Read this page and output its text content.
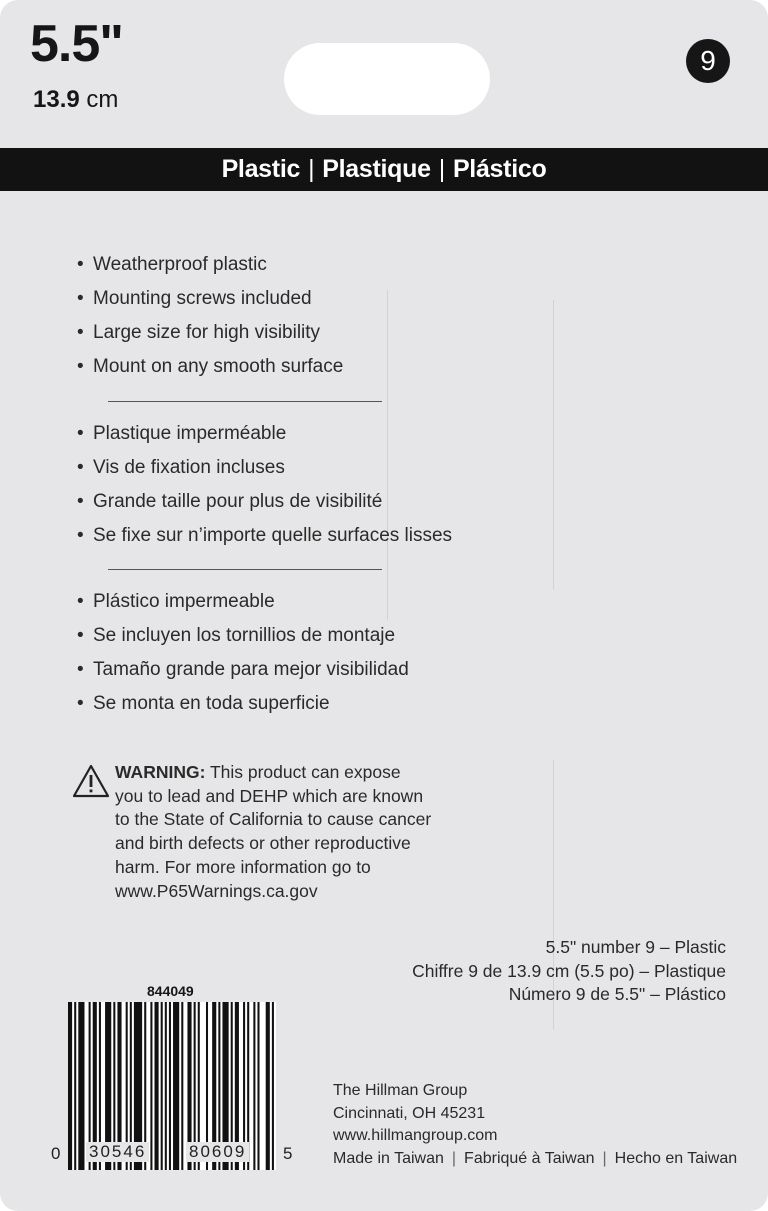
5.5"
13.9 cm
9
Plastic | Plastique | Plástico
• Weatherproof plastic
• Mounting screws included
• Large size for high visibility
• Mount on any smooth surface
• Plastique imperméable
• Vis de fixation incluses
• Grande taille pour plus de visibilité
• Se fixe sur n’importe quelle surfaces lisses
• Plástico impermeable
• Se incluyen los tornillios de montaje
• Tamaño grande para mejor visibilidad
• Se monta en toda superficie
WARNING: This product can expose
you to lead and DEHP which are known
to the State of California to cause cancer
and birth defects or other reproductive
harm. For more information go to
www.P65Warnings.ca.gov
5.5" number 9 – Plastic
Chiffre 9 de 13.9 cm (5.5 po) – Plastique
Número 9 de 5.5" – Plástico
844049
0 30546	80609 5
The Hillman Group
Cincinnati, OH 45231
www.hillmangroup.com
Made in Taiwan | Fabriqué à Taiwan | Hecho en Taiwan
